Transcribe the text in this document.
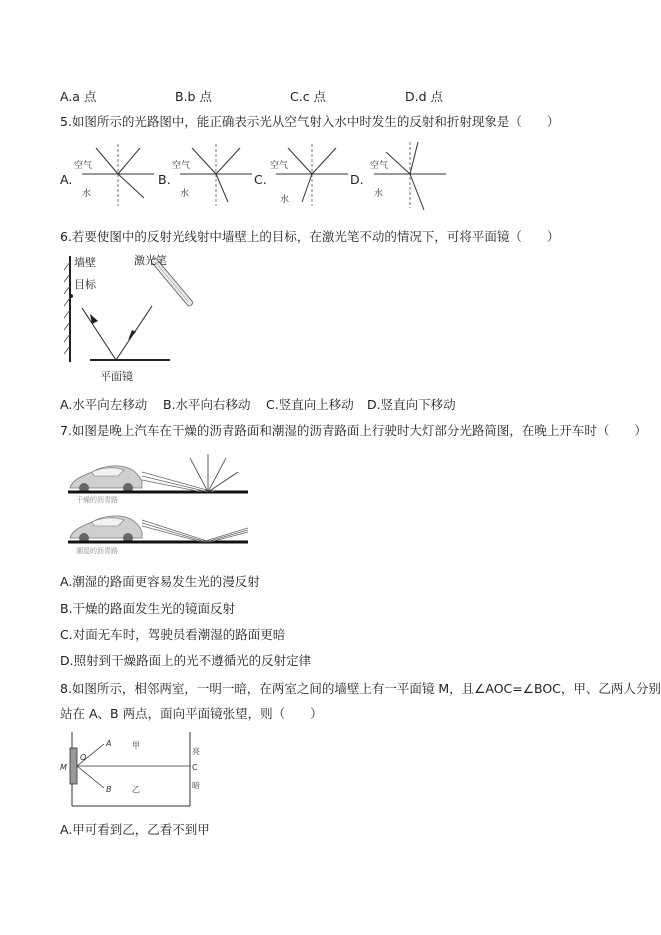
A.a 点	B.b 点	C.c 点	D.d 点
5.如图所示的光路图中，能正确表示光从空气射入水中时发生的反射和折射现象是（　　）
A.	B.	C.	D.
空气
水
空气
水
空气
水
空气
水
6.若要使图中的反射光线射中墙壁上的目标，在激光笔不动的情况下，可将平面镜（　　）
墙壁
目标
激光笔
平面镜
A.水平向左移动 B.水平向右移动 C.竖直向上移动 D.竖直向下移动
7.如图是晚上汽车在干燥的沥青路面和潮湿的沥青路面上行驶时大灯部分光路简图，在晚上开车时（　　）
干燥的沥青路
潮湿的沥青路
A.潮湿的路面更容易发生光的漫反射
B.干燥的路面发生光的镜面反射
C.对面无车时，驾驶员看潮湿的路面更暗
D.照射到干燥路面上的光不遵循光的反射定律
8.如图所示，相邻两室，一明一暗，在两室之间的墙壁上有一平面镜 M，且∠AOC=∠BOC，甲、乙两人分别
站在 A、B 两点，面向平面镜张望，则（　　）
M
O
A
B
C
甲
乙
亮
暗
A.甲可看到乙，乙看不到甲
